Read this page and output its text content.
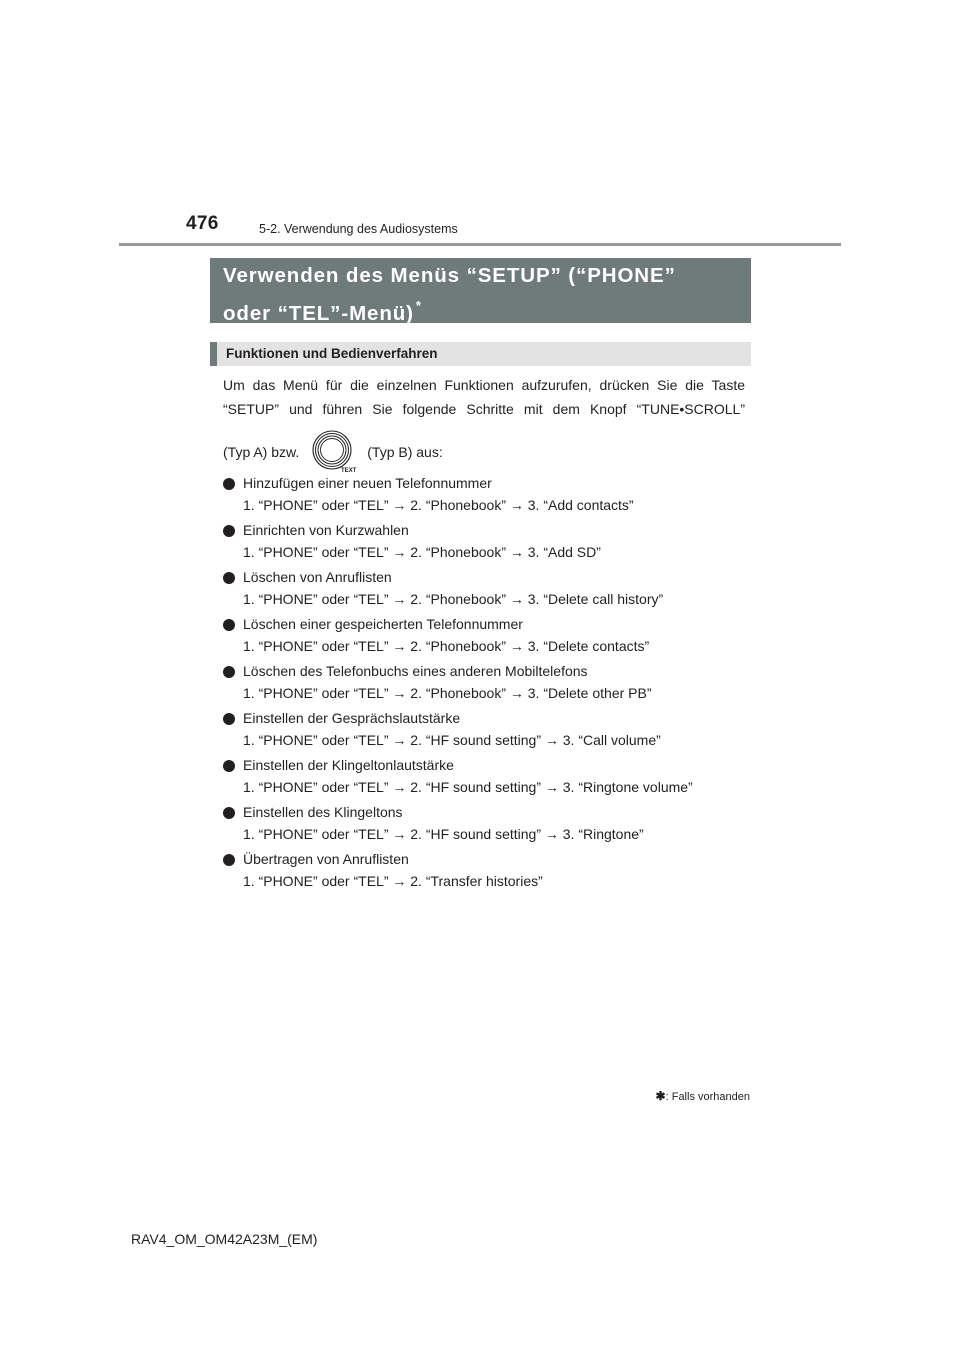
476	5-2. Verwendung des Audiosystems
Verwenden des Menüs “SETUP” (“PHONE”
oder “TEL”-Menü) *
Funktionen und Bedienverfahren
Um das Menü für die einzelnen Funktionen aufzurufen, drücken Sie die Taste
“SETUP” und führen Sie folgende Schritte mit dem Knopf “TUNE•SCROLL”
(Typ A) bzw.
TEXT
(Typ B) aus:
Hinzufügen einer neuen Telefonnummer
1. “PHONE” oder “TEL” → 2. “Phonebook” → 3. “Add contacts”
Einrichten von Kurzwahlen
1. “PHONE” oder “TEL” → 2. “Phonebook” → 3. “Add SD”
Löschen von Anruflisten
1. “PHONE” oder “TEL” → 2. “Phonebook” → 3. “Delete call history”
Löschen einer gespeicherten Telefonnummer
1. “PHONE” oder “TEL” → 2. “Phonebook” → 3. “Delete contacts”
Löschen des Telefonbuchs eines anderen Mobiltelefons
1. “PHONE” oder “TEL” → 2. “Phonebook” → 3. “Delete other PB”
Einstellen der Gesprächslautstärke
1. “PHONE” oder “TEL” → 2. “HF sound setting” → 3. “Call volume”
Einstellen der Klingeltonlautstärke
1. “PHONE” oder “TEL” → 2. “HF sound setting” → 3. “Ringtone volume”
Einstellen des Klingeltons
1. “PHONE” oder “TEL” → 2. “HF sound setting” → 3. “Ringtone”
Übertragen von Anruflisten
1. “PHONE” oder “TEL” → 2. “Transfer histories”
✱: Falls vorhanden
RAV4_OM_OM42A23M_(EM)
